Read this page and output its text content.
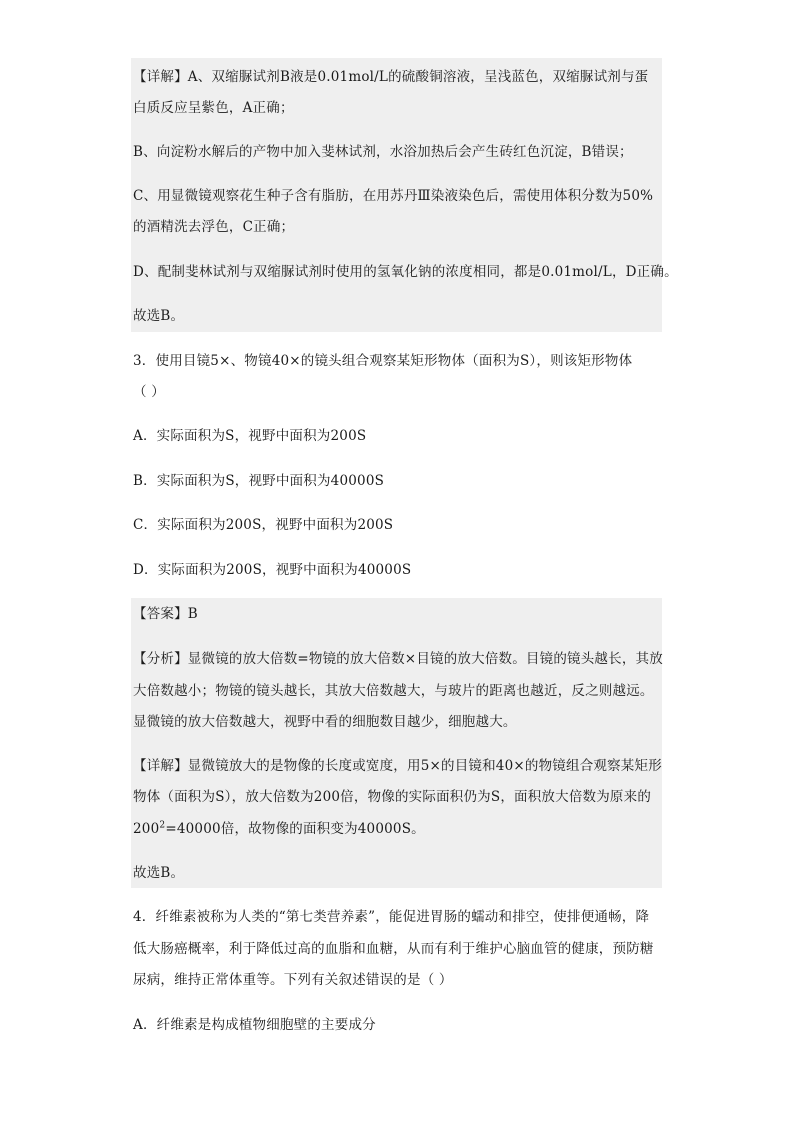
【详解】A、双缩脲试剂B液是0.01mol/L的硫酸铜溶液，呈浅蓝色，双缩脲试剂与蛋
白质反应呈紫色，A正确；
B、向淀粉水解后的产物中加入斐林试剂，水浴加热后会产生砖红色沉淀，B错误；
C、用显微镜观察花生种子含有脂肪，在用苏丹Ⅲ染液染色后，需使用体积分数为50%
的酒精洗去浮色，C正确；
D、配制斐林试剂与双缩脲试剂时使用的氢氧化钠的浓度相同，都是0.01mol/L，D正确。
故选B。
3．使用目镜5×、物镜40×的镜头组合观察某矩形物体（面积为S），则该矩形物体
（ ）
A．实际面积为S，视野中面积为200S
B．实际面积为S，视野中面积为40000S
C．实际面积为200S，视野中面积为200S
D．实际面积为200S，视野中面积为40000S
【答案】B
【分析】显微镜的放大倍数=物镜的放大倍数×目镜的放大倍数。目镜的镜头越长，其放
大倍数越小；物镜的镜头越长，其放大倍数越大，与玻片的距离也越近，反之则越远。
显微镜的放大倍数越大，视野中看的细胞数目越少，细胞越大。
【详解】显微镜放大的是物像的长度或宽度，用5×的目镜和40×的物镜组合观察某矩形
物体（面积为S），放大倍数为200倍，物像的实际面积仍为S，面积放大倍数为原来的
$200^2=40000$倍，故物像的面积变为40000S。
故选B。
4．纤维素被称为人类的“第七类营养素”，能促进胃肠的蠕动和排空，使排便通畅，降
低大肠癌概率，利于降低过高的血脂和血糖，从而有利于维护心脑血管的健康，预防糖
尿病，维持正常体重等。下列有关叙述错误的是（ ）
A．纤维素是构成植物细胞壁的主要成分
